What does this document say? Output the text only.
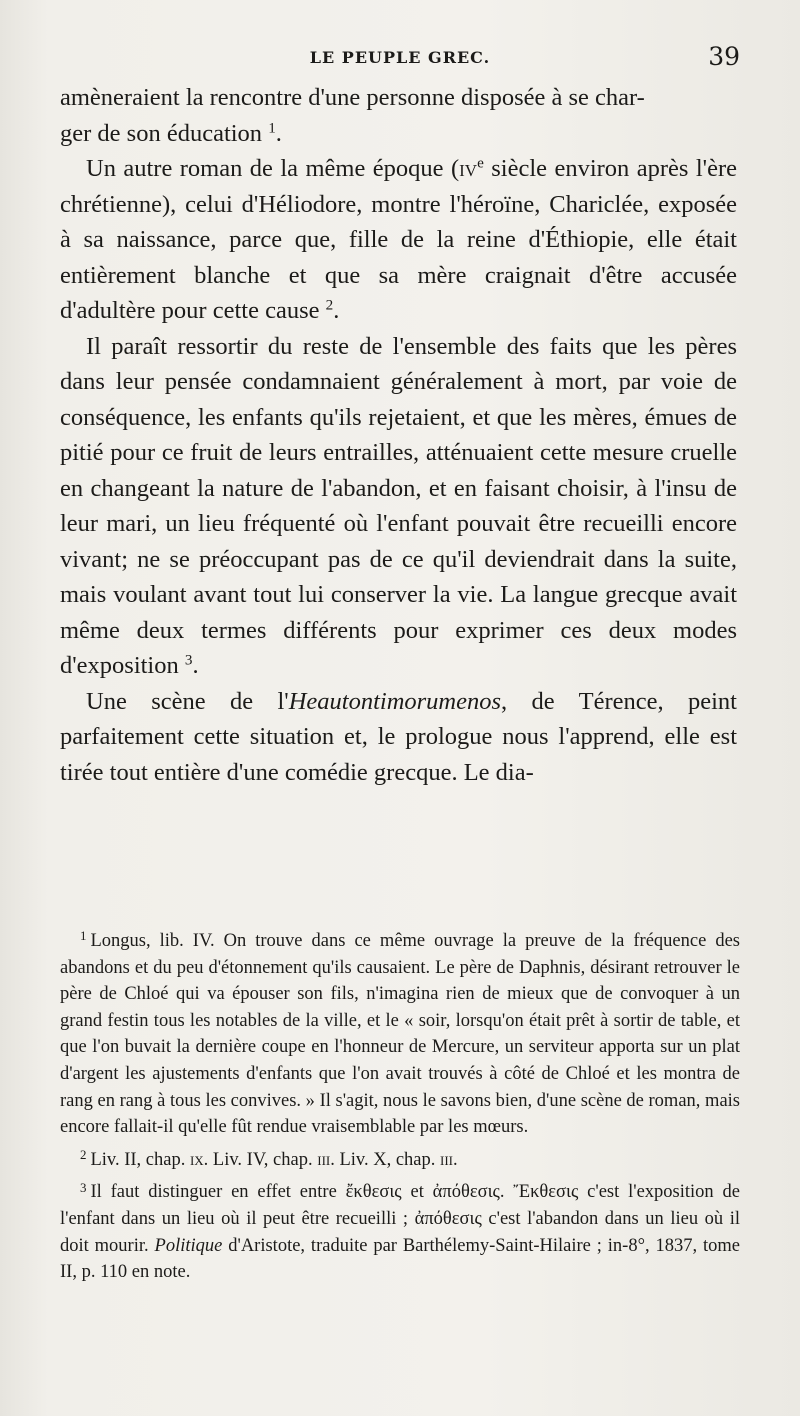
LE PEUPLE GREC.	39

amèneraient la rencontre d'une personne disposée à se char-
ger de son éducation $^1$.

Un autre roman de la même époque ($iv^e$ siècle environ après l'ère chrétienne), celui d'Héliodore, montre l'héroïne, Chariclée, exposée à sa naissance, parce que, fille de la reine d'Éthiopie, elle était entièrement blanche et que sa mère craignait d'être accusée d'adultère pour cette cause $^2$.

Il paraît ressortir du reste de l'ensemble des faits que les pères dans leur pensée condamnaient généralement à mort, par voie de conséquence, les enfants qu'ils rejetaient, et que les mères, émues de pitié pour ce fruit de leurs entrailles, atténuaient cette mesure cruelle en changeant la nature de l'abandon, et en faisant choisir, à l'insu de leur mari, un lieu fréquenté où l'enfant pouvait être recueilli encore vivant; ne se préoccupant pas de ce qu'il deviendrait dans la suite, mais voulant avant tout lui conserver la vie. La langue grecque avait même deux termes différents pour exprimer ces deux modes d'exposition $^3$.

Une scène de l'Heautontimorumenos, de Térence, peint parfaitement cette situation et, le prologue nous l'apprend, elle est tirée tout entière d'une comédie grecque. Le dia-

$^1$ Longus, lib. IV. On trouve dans ce même ouvrage la preuve de la fréquence des abandons et du peu d'étonnement qu'ils causaient. Le père de Daphnis, désirant retrouver le père de Chloé qui va épouser son fils, n'imagina rien de mieux que de convoquer à un grand festin tous les notables de la ville, et le « soir, lorsqu'on était prêt à sortir de table, et que l'on buvait la dernière coupe en l'honneur de Mercure, un serviteur apporta sur un plat d'argent les ajustements d'enfants que l'on avait trouvés à côté de Chloé et les montra de rang en rang à tous les convives. » Il s'agit, nous le savons bien, d'une scène de roman, mais encore fallait-il qu'elle fût rendue vraisemblable par les mœurs.

$^2$ Liv. II, chap. ix. Liv. IV, chap. iii. Liv. X, chap. iii.

$^3$ Il faut distinguer en effet entre ἔκθεσις et ἀπόθεσις. Ἔκθεσις c'est l'exposition de l'enfant dans un lieu où il peut être recueilli ; ἀπόθεσις c'est l'abandon dans un lieu où il doit mourir. Politique d'Aristote, traduite par Barthélemy-Saint-Hilaire ; in-8°, 1837, tome II, p. 110 en note.
